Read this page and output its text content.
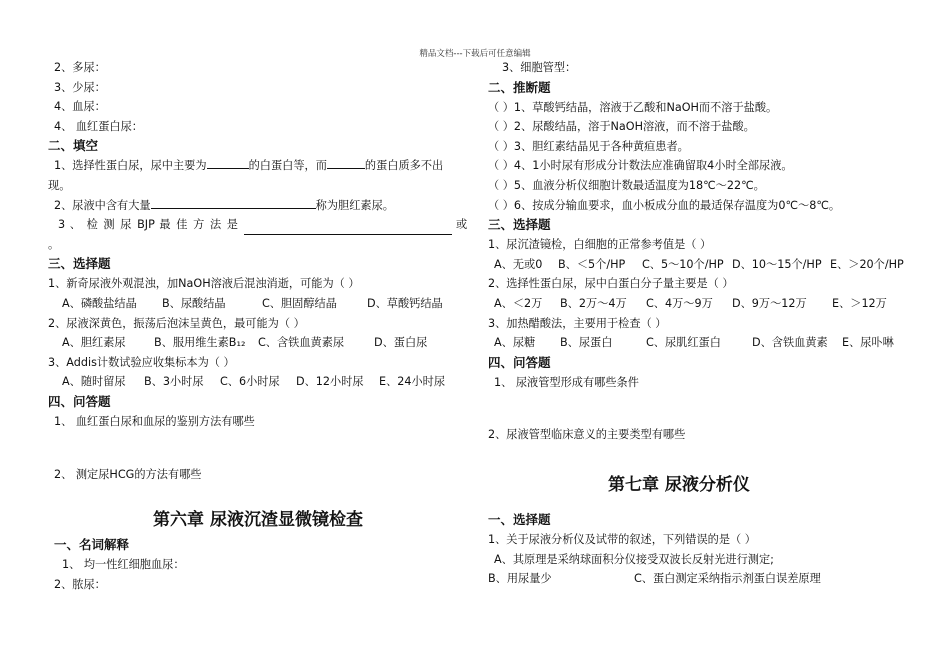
精品文档---下载后可任意编辑
2、多尿：
3、少尿：
4、血尿：
4、 血红蛋白尿：
二、填空
1、选择性蛋白尿，尿中主要为	的白蛋白等，而	的蛋白质多不出
现。
2、尿液中含有大量	称为胆红素尿。
3 、 检 测 尿 BJP 最 佳 方 法 是	或
。
三、选择题
1、新奇尿液外观混浊，加NaOH溶液后混浊消逝，可能为（ ）
A、磷酸盐结晶	B、尿酸结晶	C、胆固醇结晶	D、草酸钙结晶
2、尿液深黄色，振荡后泡沫呈黄色，最可能为（ ）
A、胆红素尿	B、服用维生素B₁₂	C、含铁血黄素尿	D、蛋白尿
3、Addis计数试验应收集标本为（ ）
A、随时留尿	B、3小时尿	C、6小时尿	D、12小时尿	E、24小时尿
四、问答题
1、 血红蛋白尿和血尿的鉴别方法有哪些
2、 测定尿HCG的方法有哪些
第六章 尿液沉渣显微镜检查
一、名词解释
1、 均一性红细胞血尿：
2、脓尿：
3、细胞管型：
二、推断题
（ ）1、草酸钙结晶，溶液于乙酸和NaOH而不溶于盐酸。
（ ）2、尿酸结晶，溶于NaOH溶液，而不溶于盐酸。
（ ）3、胆红素结晶见于各种黄疸患者。
（ ）4、1小时尿有形成分计数法应准确留取4小时全部尿液。
（ ）5、血液分析仪细胞计数最适温度为18℃～22℃。
（ ）6、按成分输血要求，血小板成分血的最适保存温度为0℃～8℃。
三、选择题
1、尿沉渣镜检，白细胞的正常参考值是（ ）
A、无或0	B、＜5个/HP	C、5～10个/HP D、10～15个/HP E、＞20个/HP
2、选择性蛋白尿，尿中白蛋白分子量主要是（ ）
A、＜2万	B、2万～4万	C、4万～9万	D、9万～12万	E、＞12万
3、加热醋酸法，主要用于检查（ ）
A、尿糖	B、尿蛋白	C、尿肌红蛋白	D、含铁血黄素	E、尿卟啉
四、问答题
1、 尿液管型形成有哪些条件
2、尿液管型临床意义的主要类型有哪些
第七章 尿液分析仪
一、选择题
1、关于尿液分析仪及试带的叙述，下列错误的是（ ）
A、其原理是采纳球面积分仪接受双波长反射光进行测定;
B、用尿量少	C、蛋白测定采纳指示剂蛋白误差原理
